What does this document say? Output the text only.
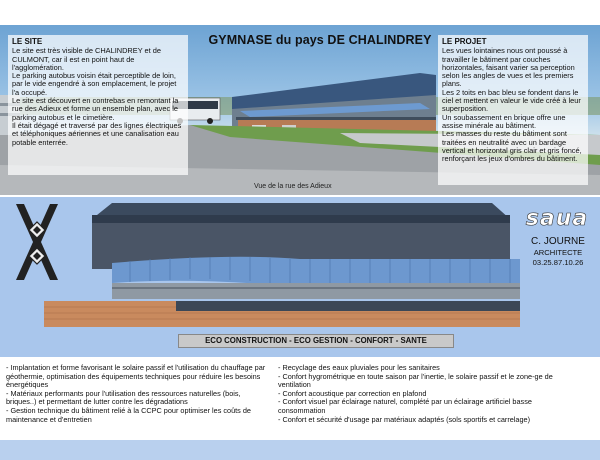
LE SITE

Le site est très visible de CHALINDREY et de CULMONT, car il est en point haut de l'agglomération.

Le parking autobus voisin était perceptible de loin, par le vide engendré à son emplacement, le projet l'a occupé.

Le site est découvert en contrebas en remontant la rue des Adieux et forme un ensemble plan, avec le parking autobus et le cimetière.

Il était dégagé et traversé par des lignes électriques et téléphoniques aériennes et une canalisation eau potable enterrée.

GYMNASE du pays DE CHALINDREY	LE PROJET

Les vues lointaines nous ont poussé à travailler le bâtiment par couches horizontales, faisant varier sa perception selon les angles de vues et les premiers plans.

Les 2 toits en bac bleu se fondent dans le ciel et mettent en valeur le vide créé à leur superposition.

Un soubassement en brique offre une assise minérale au bâtiment.

Les masses du reste du bâtiment sont traitées en neutralité avec un bardage vertical et horizontal gris clair et gris foncé, renforçant les jeux d'ombres du bâtiment.

Vue de la rue des Adieux
saua
C. JOURNE
ARCHITECTE
03.25.87.10.26
ECO CONSTRUCTION - ECO GESTION - CONFORT - SANTE
- Implantation et forme favorisant le solaire passif et l'utilisation du chauffage par géothermie, optimisation des équipements techniques pour réduire les besoins énergétiques
- Matériaux performants pour l'utilisation des ressources naturelles (bois, briques..) et permettant de lutter contre les dégradations
- Gestion technique du bâtiment relié à la CCPC pour optimiser les coûts de maintenance et d'entretien
- Recyclage des eaux pluviales pour les sanitaires
- Confort hygrométrique en toute saison par l'inertie, le solaire passif et le zone-ge de ventilation
- Confort acoustique par correction en plafond
- Confort visuel par éclairage naturel, complété par un éclairage artificiel basse consommation
- Confort et sécurité d'usage par matériaux adaptés (sols sportifs et carrelage)
